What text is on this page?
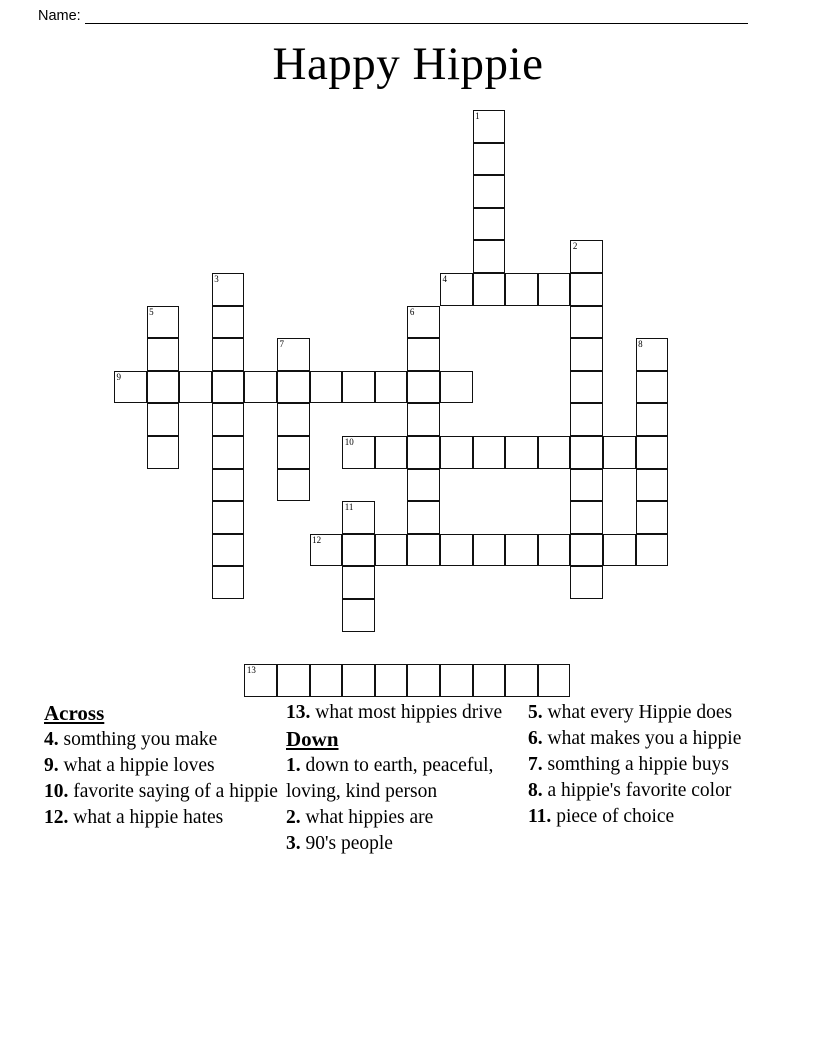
Name:
Happy Hippie
1
2
3	4
5	6
7	8
9
10
11
12
13
Across
4. somthing you make
9. what a hippie loves
10. favorite saying of a hippie
12. what a hippie hates
13. what most hippies drive
Down
1. down to earth, peaceful, loving, kind person
2. what hippies are
3. 90's people
5. what every Hippie does
6. what makes you a hippie
7. somthing a hippie buys
8. a hippie's favorite color
11. piece of choice
